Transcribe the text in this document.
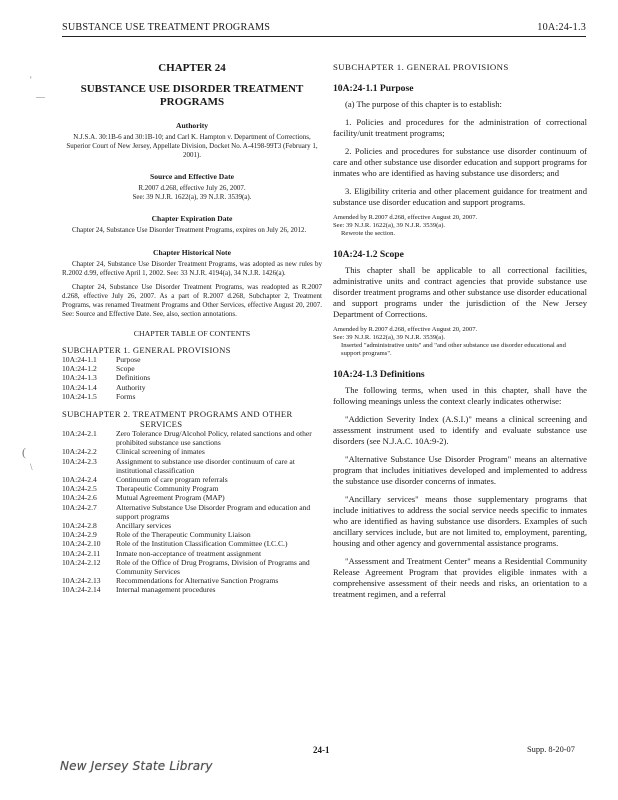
SUBSTANCE USE TREATMENT PROGRAMS	10A:24-1.3
'
—
(
\
CHAPTER 24
SUBSTANCE USE DISORDER TREATMENT
PROGRAMS
Authority
N.J.S.A. 30:1B-6 and 30:1B-10; and Carl K. Hampton v. Department of Corrections, Superior Court of New Jersey, Appellate Division, Docket No. A-4198-99T3 (February 1, 2001).
Source and Effective Date
R.2007 d.268, effective July 26, 2007.
See: 39 N.J.R. 1622(a), 39 N.J.R. 3539(a).
Chapter Expiration Date
Chapter 24, Substance Use Disorder Treatment Programs, expires on July 26, 2012.
Chapter Historical Note
Chapter 24, Substance Use Disorder Treatment Programs, was adopted as new rules by R.2002 d.99, effective April 1, 2002. See: 33 N.J.R. 4194(a), 34 N.J.R. 1426(a).
Chapter 24, Substance Use Disorder Treatment Programs, was readopted as R.2007 d.268, effective July 26, 2007. As a part of R.2007 d.268, Subchapter 2, Treatment Programs, was renamed Treatment Programs and Other Services, effective August 20, 2007. See: Source and Effective Date. See, also, section annotations.
CHAPTER TABLE OF CONTENTS
SUBCHAPTER 1. GENERAL PROVISIONS
10A:24-1.1	Purpose
10A:24-1.2	Scope
10A:24-1.3	Definitions
10A:24-1.4	Authority
10A:24-1.5	Forms
SUBCHAPTER 2. TREATMENT PROGRAMS AND OTHER
SERVICES
10A:24-2.1	Zero Tolerance Drug/Alcohol Policy, related sanctions and other prohibited substance use sanctions
10A:24-2.2	Clinical screening of inmates
10A:24-2.3	Assignment to substance use disorder continuum of care at institutional classification
10A:24-2.4	Continuum of care program referrals
10A:24-2.5	Therapeutic Community Program
10A:24-2.6	Mutual Agreement Program (MAP)
10A:24-2.7	Alternative Substance Use Disorder Program and education and support programs
10A:24-2.8	Ancillary services
10A:24-2.9	Role of the Therapeutic Community Liaison
10A:24-2.10	Role of the Institution Classification Committee (I.C.C.)
10A:24-2.11	Inmate non-acceptance of treatment assignment
10A:24-2.12	Role of the Office of Drug Programs, Division of Programs and Community Services
10A:24-2.13	Recommendations for Alternative Sanction Programs
10A:24-2.14	Internal management procedures
SUBCHAPTER 1. GENERAL PROVISIONS
10A:24-1.1 Purpose
(a) The purpose of this chapter is to establish:
1. Policies and procedures for the administration of correctional facility/unit treatment programs;
2. Policies and procedures for substance use disorder continuum of care and other substance use disorder education and support programs for inmates who are identified as having substance use disorders; and
3. Eligibility criteria and other placement guidance for treatment and substance use disorder education and support programs.
Amended by R.2007 d.268, effective August 20, 2007.
See: 39 N.J.R. 1622(a), 39 N.J.R. 3539(a).
Rewrote the section.
10A:24-1.2 Scope
This chapter shall be applicable to all correctional facilities, administrative units and contract agencies that provide substance use disorder treatment programs and other substance use disorder educational and support programs under the jurisdiction of the New Jersey Department of Corrections.
Amended by R.2007 d.268, effective August 20, 2007.
See: 39 N.J.R. 1622(a), 39 N.J.R. 3539(a).
Inserted "administrative units" and "and other substance use disorder educational and support programs".
10A:24-1.3 Definitions
The following terms, when used in this chapter, shall have the following meanings unless the context clearly indicates otherwise:
"Addiction Severity Index (A.S.I.)" means a clinical screening and assessment instrument used to identify and evaluate substance use disorders (see N.J.A.C. 10A:9-2).
"Alternative Substance Use Disorder Program" means an alternative program that includes initiatives developed and implemented to address the substance use disorder concerns of inmates.
"Ancillary services" means those supplementary programs that include initiatives to address the social service needs specific to inmates who are identified as having substance use disorders. Examples of such ancillary services include, but are not limited to, employment, parenting, housing and other agency and governmental assistance programs.
"Assessment and Treatment Center" means a Residential Community Release Agreement Program that provides eligible inmates with a comprehensive assessment of their needs and risks, an orientation to a treatment regimen, and a referral
24-1	Supp. 8-20-07
New Jersey State Library
